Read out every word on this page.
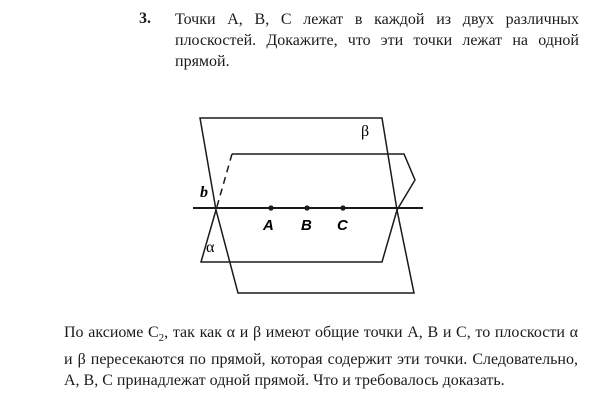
3. Точки А, В, С лежат в каждой из двух различных плоскостей. Докажите, что эти точки лежат на одной прямой.

β
b
α
A B C

По аксиоме $С_2$, так как α и β имеют общие точки А, В и С, то плоскости α и β пересекаются по прямой, которая содержит эти точки. Следовательно, А, В, С принадлежат одной прямой. Что и требовалось доказать.
